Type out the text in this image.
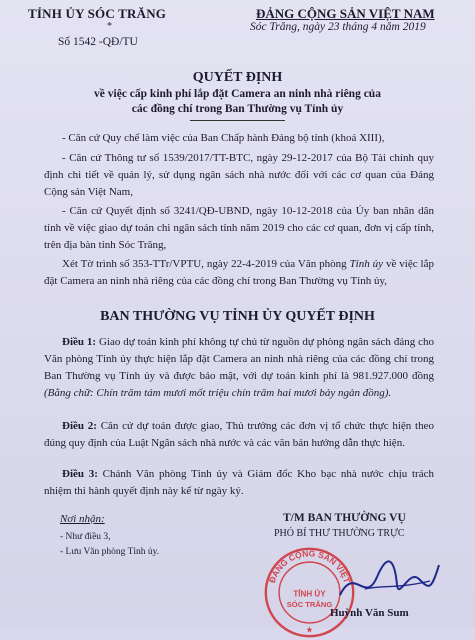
TỈNH ỦY SÓC TRĂNG	ĐẢNG CỘNG SẢN VIỆT NAM
*
Số 1542 -QĐ/TU
Sóc Trăng, ngày 23 tháng 4 năm 2019
QUYẾT ĐỊNH
về việc cấp kinh phí lắp đặt Camera an ninh nhà riêng của
các đồng chí trong Ban Thường vụ Tỉnh ủy
- Căn cứ Quy chế làm việc của Ban Chấp hành Đảng bộ tỉnh (khoá XIII),
- Căn cứ Thông tư số 1539/2017/TT-BTC, ngày 29-12-2017 của Bộ Tài chính quy định chi tiết về quản lý, sử dụng ngân sách nhà nước đối với các cơ quan của Đảng Cộng sản Việt Nam,
- Căn cứ Quyết định số 3241/QĐ-UBND, ngày 10-12-2018 của Ủy ban nhân dân tỉnh về việc giao dự toán chi ngân sách tỉnh năm 2019 cho các cơ quan, đơn vị cấp tỉnh, trên địa bàn tỉnh Sóc Trăng,
Xét Tờ trình số 353-TTr/VPTU, ngày 22-4-2019 của Văn phòng Tỉnh ủy về việc lắp đặt Camera an ninh nhà riêng của các đồng chí trong Ban Thường vụ Tỉnh ủy,
BAN THƯỜNG VỤ TỈNH ỦY QUYẾT ĐỊNH
Điều 1: Giao dự toán kinh phí không tự chủ từ nguồn dự phòng ngân sách đảng cho Văn phòng Tỉnh ủy thực hiện lắp đặt Camera an ninh nhà riêng của các đồng chí trong Ban Thường vụ Tỉnh ủy và được bảo mật, với dự toán kinh phí là 981.927.000 đồng (Bằng chữ: Chín trăm tám mươi mốt triệu chín trăm hai mươi bảy ngàn đồng).
Điều 2: Căn cứ dự toán được giao, Thủ trưởng các đơn vị tổ chức thực hiện theo đúng quy định của Luật Ngân sách nhà nước và các văn bản hướng dẫn thực hiện.
Điều 3: Chánh Văn phòng Tỉnh ủy và Giám đốc Kho bạc nhà nước chịu trách nhiệm thi hành quyết định này kể từ ngày ký.
Nơi nhận:
- Như điều 3,
- Lưu Văn phòng Tỉnh ủy.
T/M BAN THƯỜNG VỤ
PHÓ BÍ THƯ THƯỜNG TRỰC
ĐẢNG CỘNG SẢN VIỆT
TỈNH ỦY
SÓC TRĂNG
★
Huỳnh Văn Sum
